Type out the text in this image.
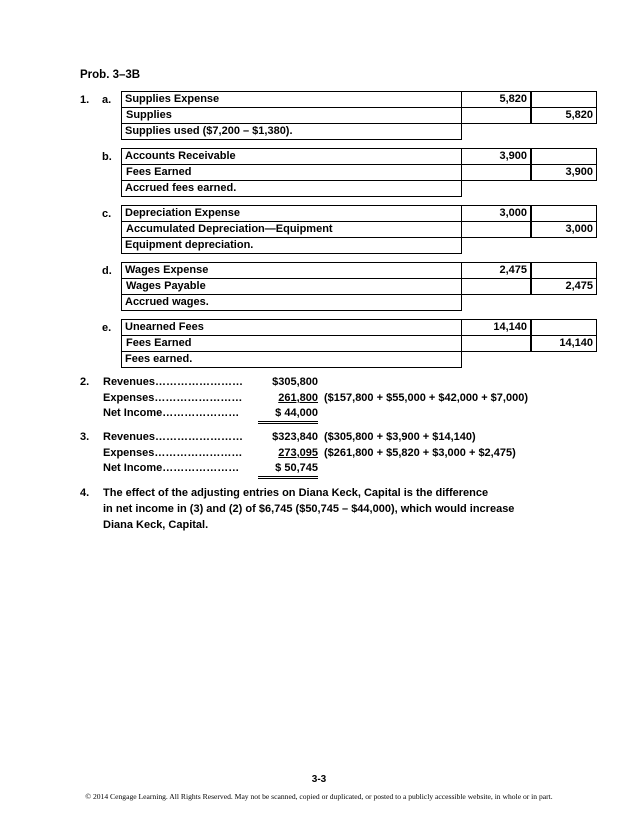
Prob. 3–3B
1. a. Supplies Expense	5,820	
Supplies		5,820
Supplies used ($7,200 – $1,380).		
b. Accounts Receivable	3,900	
Fees Earned		3,900
Accrued fees earned.		
c. Depreciation Expense	3,000	
Accumulated Depreciation—Equipment		3,000
Equipment depreciation.		
d. Wages Expense	2,475	
Wages Payable		2,475
Accrued wages.		
e. Unearned Fees	14,140	
Fees Earned		14,140
Fees earned.		
2. Revenues……………………	$305,800
Expenses……………………	261,800 ($157,800 + $55,000 + $42,000 + $7,000)
Net Income…………………	$ 44,000
3. Revenues……………………	$323,840 ($305,800 + $3,900 + $14,140)
Expenses……………………	273,095 ($261,800 + $5,820 + $3,000 + $2,475)
Net Income…………………	$ 50,745
4. The effect of the adjusting entries on Diana Keck, Capital is the difference
in net income in (3) and (2) of $6,745 ($50,745 – $44,000), which would increase
Diana Keck, Capital.
3-3
© 2014 Cengage Learning. All Rights Reserved. May not be scanned, copied or duplicated, or posted to a publicly accessible website, in whole or in part.
